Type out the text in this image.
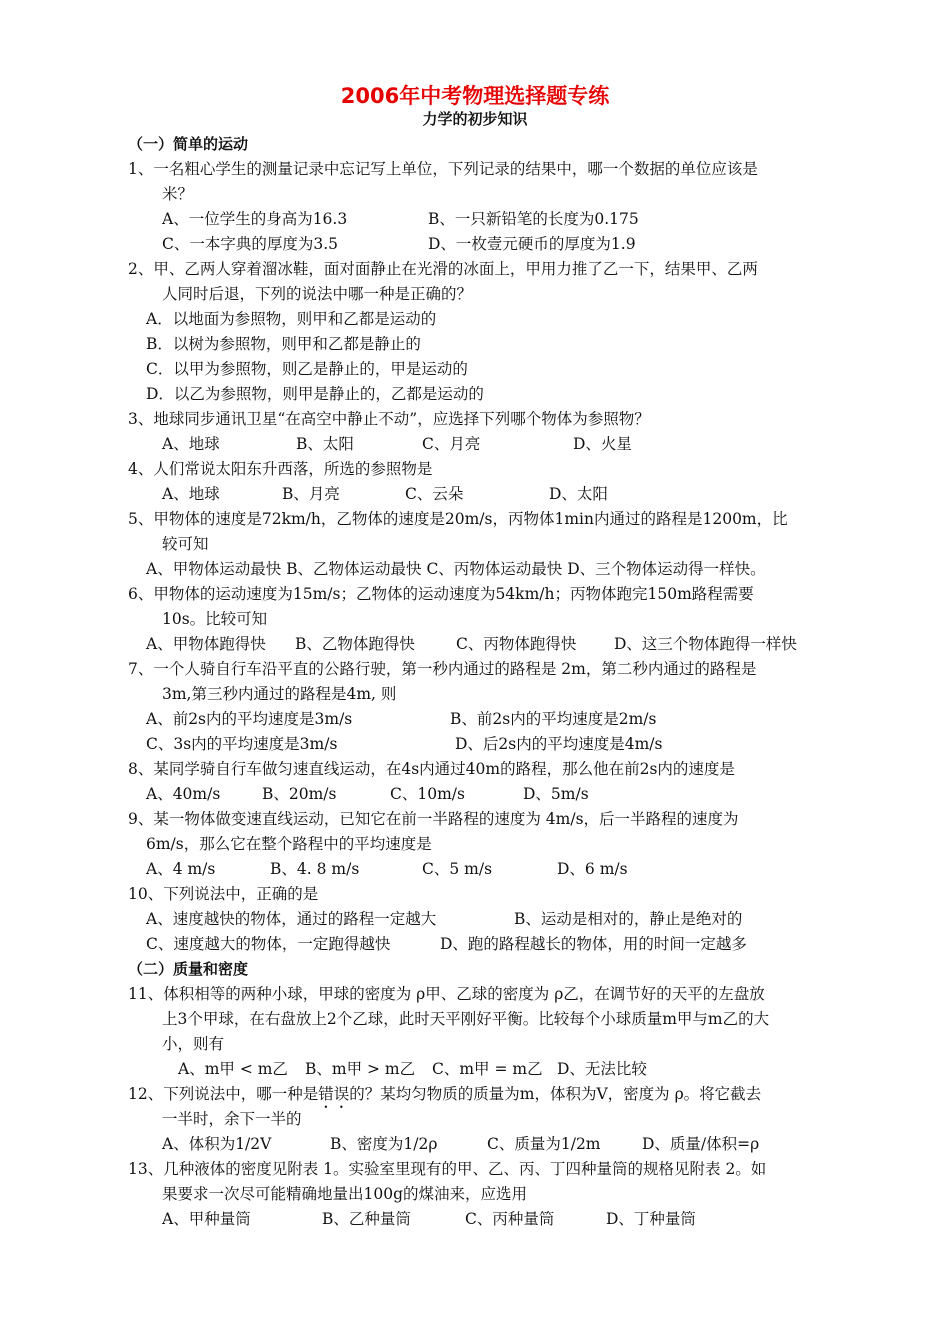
2006年中考物理选择题专练
力学的初步知识
（一）简单的运动
1、一名粗心学生的测量记录中忘记写上单位，下列记录的结果中，哪一个数据的单位应该是
米？
A、一位学生的身高为16.3	B、一只新铅笔的长度为0.175
C、一本字典的厚度为3.5	D、一枚壹元硬币的厚度为1.9
2、甲、乙两人穿着溜冰鞋，面对面静止在光滑的冰面上，甲用力推了乙一下，结果甲、乙两
人同时后退，下列的说法中哪一种是正确的？
A．以地面为参照物，则甲和乙都是运动的
B．以树为参照物，则甲和乙都是静止的
C．以甲为参照物，则乙是静止的，甲是运动的
D．以乙为参照物，则甲是静止的，乙都是运动的
3、地球同步通讯卫星“在高空中静止不动”，应选择下列哪个物体为参照物？
A、地球	B、太阳	C、月亮	D、火星
4、人们常说太阳东升西落，所选的参照物是
A、地球	B、月亮	C、云朵	D、太阳
5、甲物体的速度是72km/h，乙物体的速度是20m/s，丙物体1min内通过的路程是1200m，比
较可知
A、甲物体运动最快 B、乙物体运动最快 C、丙物体运动最快 D、三个物体运动得一样快。
6、甲物体的运动速度为15m/s；乙物体的运动速度为54km/h；丙物体跑完150m路程需要
10s。比较可知
A、甲物体跑得快 B、乙物体跑得快	C、丙物体跑得快 D、这三个物体跑得一样快
7、一个人骑自行车沿平直的公路行驶，第一秒内通过的路程是 2m，第二秒内通过的路程是
3m,第三秒内通过的路程是4m, 则
A、前2s内的平均速度是3m/s	B、前2s内的平均速度是2m/s
C、3s内的平均速度是3m/s	D、后2s内的平均速度是4m/s
8、某同学骑自行车做匀速直线运动，在4s内通过40m的路程，那么他在前2s内的速度是
A、40m/s	B、20m/s	C、10m/s	D、5m/s
9、某一物体做变速直线运动，已知它在前一半路程的速度为 4m/s，后一半路程的速度为
6m/s，那么它在整个路程中的平均速度是
A、4 m/s	B、4. 8 m/s	C、5 m/s	D、6 m/s
10、下列说法中，正确的是
A、速度越快的物体，通过的路程一定越大	B、运动是相对的，静止是绝对的
C、速度越大的物体，一定跑得越快	D、跑的路程越长的物体，用的时间一定越多
（二）质量和密度
11、体积相等的两种小球，甲球的密度为 ρ甲、乙球的密度为 ρ乙，在调节好的天平的左盘放
上3个甲球，在右盘放上2个乙球，此时天平刚好平衡。比较每个小球质量m甲与m乙的大
小，则有
A、m甲 < m乙 B、m甲 > m乙 C、m甲 = m乙 D、无法比较
12、下列说法中，哪一种是错误的？某均匀物质的质量为m，体积为V，密度为 ρ。将它截去
一半时，余下一半的
A、体积为1/2V	B、密度为1/2ρ	C、质量为1/2m	D、质量/体积=ρ
13、几种液体的密度见附表 1。实验室里现有的甲、乙、丙、丁四种量筒的规格见附表 2。如
果要求一次尽可能精确地量出100g的煤油来，应选用
A、甲种量筒	B、乙种量筒	C、丙种量筒	D、丁种量筒
